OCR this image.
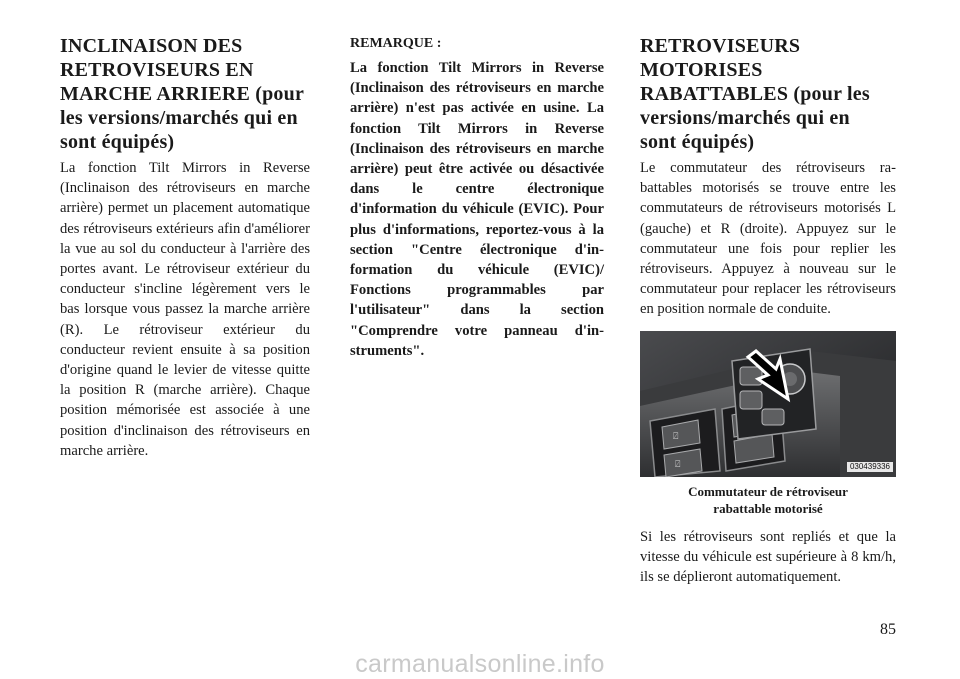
INCLINAISON DES
RETROVISEURS EN
MARCHE ARRIERE (pour
les versions/marchés qui en
sont équipés)

La fonction Tilt Mirrors in Reverse (Inclinaison des rétroviseurs en marche arrière) permet un placement automatique des rétroviseurs extérieurs afin d'améliorer la vue au sol du conducteur à l'arrière des portes avant. Le rétroviseur extérieur du conducteur s'incline légèrement vers le bas lorsque vous passez la marche arrière (R). Le rétroviseur extérieur du conducteur revient ensuite à sa position d'origine quand le levier de vitesse quitte la position R (marche arrière). Chaque position mémorisée est associée à une position d'inclinaison des rétroviseurs en marche arrière.

REMARQUE :

La fonction Tilt Mirrors in Reverse (Inclinaison des rétroviseurs en marche arrière) n'est pas activée en usine. La fonction Tilt Mirrors in Reverse (Inclinaison des rétroviseurs en marche arrière) peut être activée ou désactivée dans le centre électronique d'information du véhicule (EVIC). Pour plus d'informations, reportez-vous à la section "Centre électronique d'information du véhicule (EVIC)/ Fonctions programmables par l'utilisateur" dans la section "Comprendre votre panneau d'instruments".

RETROVISEURS
MOTORISES
RABATTABLES (pour les
versions/marchés qui en
sont équipés)

Le commutateur des rétroviseurs rabattables motorisés se trouve entre les commutateurs de rétroviseurs motorisés L (gauche) et R (droite). Appuyez sur le commutateur une fois pour replier les rétroviseurs. Appuyez à nouveau sur le commutateur pour replacer les rétroviseurs en position normale de conduite.

⍁
⍁	030439336
Commutateur de rétroviseur
rabattable motorisé

Si les rétroviseurs sont repliés et que la vitesse du véhicule est supérieure à 8 km/h, ils se déplieront automatiquement.

85
carmanualsonline.info
